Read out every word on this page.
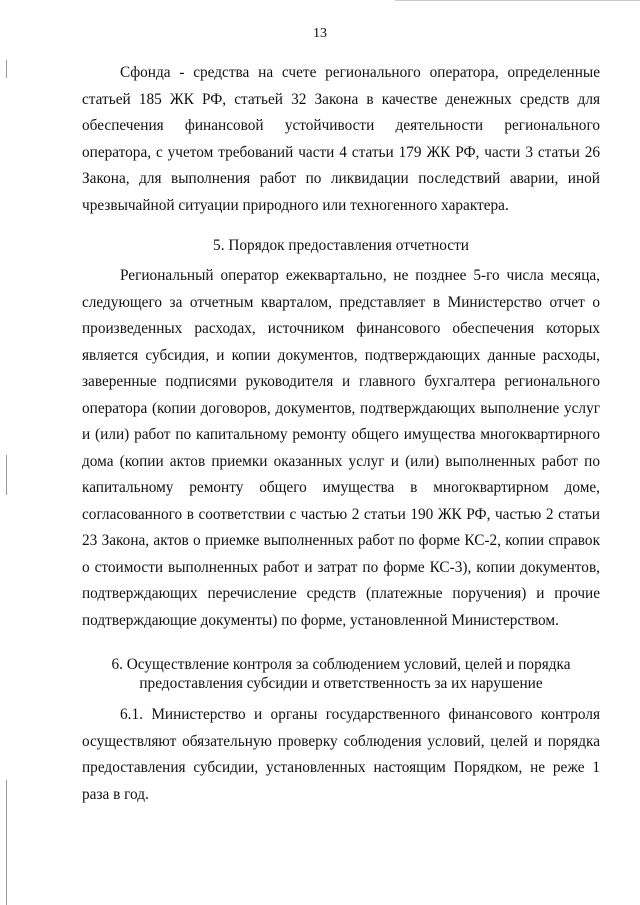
13

Сфонда - средства на счете регионального оператора, определенные статьей 185 ЖК РФ, статьей 32 Закона в качестве денежных средств для обеспечения финансовой устойчивости деятельности регионального оператора, с учетом требований части 4 статьи 179 ЖК РФ, части 3 статьи 26 Закона, для выполнения работ по ликвидации последствий аварии, иной чрезвычайной ситуации природного или техногенного характера.

5. Порядок предоставления отчетности

Региональный оператор ежеквартально, не позднее 5-го числа месяца, следующего за отчетным кварталом, представляет в Министерство отчет о произведенных расходах, источником финансового обеспечения которых является субсидия, и копии документов, подтверждающих данные расходы, заверенные подписями руководителя и главного бухгалтера регионального оператора (копии договоров, документов, подтверждающих выполнение услуг и (или) работ по капитальному ремонту общего имущества многоквартирного дома (копии актов приемки оказанных услуг и (или) выполненных работ по капитальному ремонту общего имущества в многоквартирном доме, согласованного в соответствии с частью 2 статьи 190 ЖК РФ, частью 2 статьи 23 Закона, актов о приемке выполненных работ по форме КС-2, копии справок о стоимости выполненных работ и затрат по форме КС-3), копии документов, подтверждающих перечисление средств (платежные поручения) и прочие подтверждающие документы) по форме, установленной Министерством.

6. Осуществление контроля за соблюдением условий, целей и порядка
предоставления субсидии и ответственность за их нарушение

6.1. Министерство и органы государственного финансового контроля осуществляют обязательную проверку соблюдения условий, целей и порядка предоставления субсидии, установленных настоящим Порядком, не реже 1 раза в год.
